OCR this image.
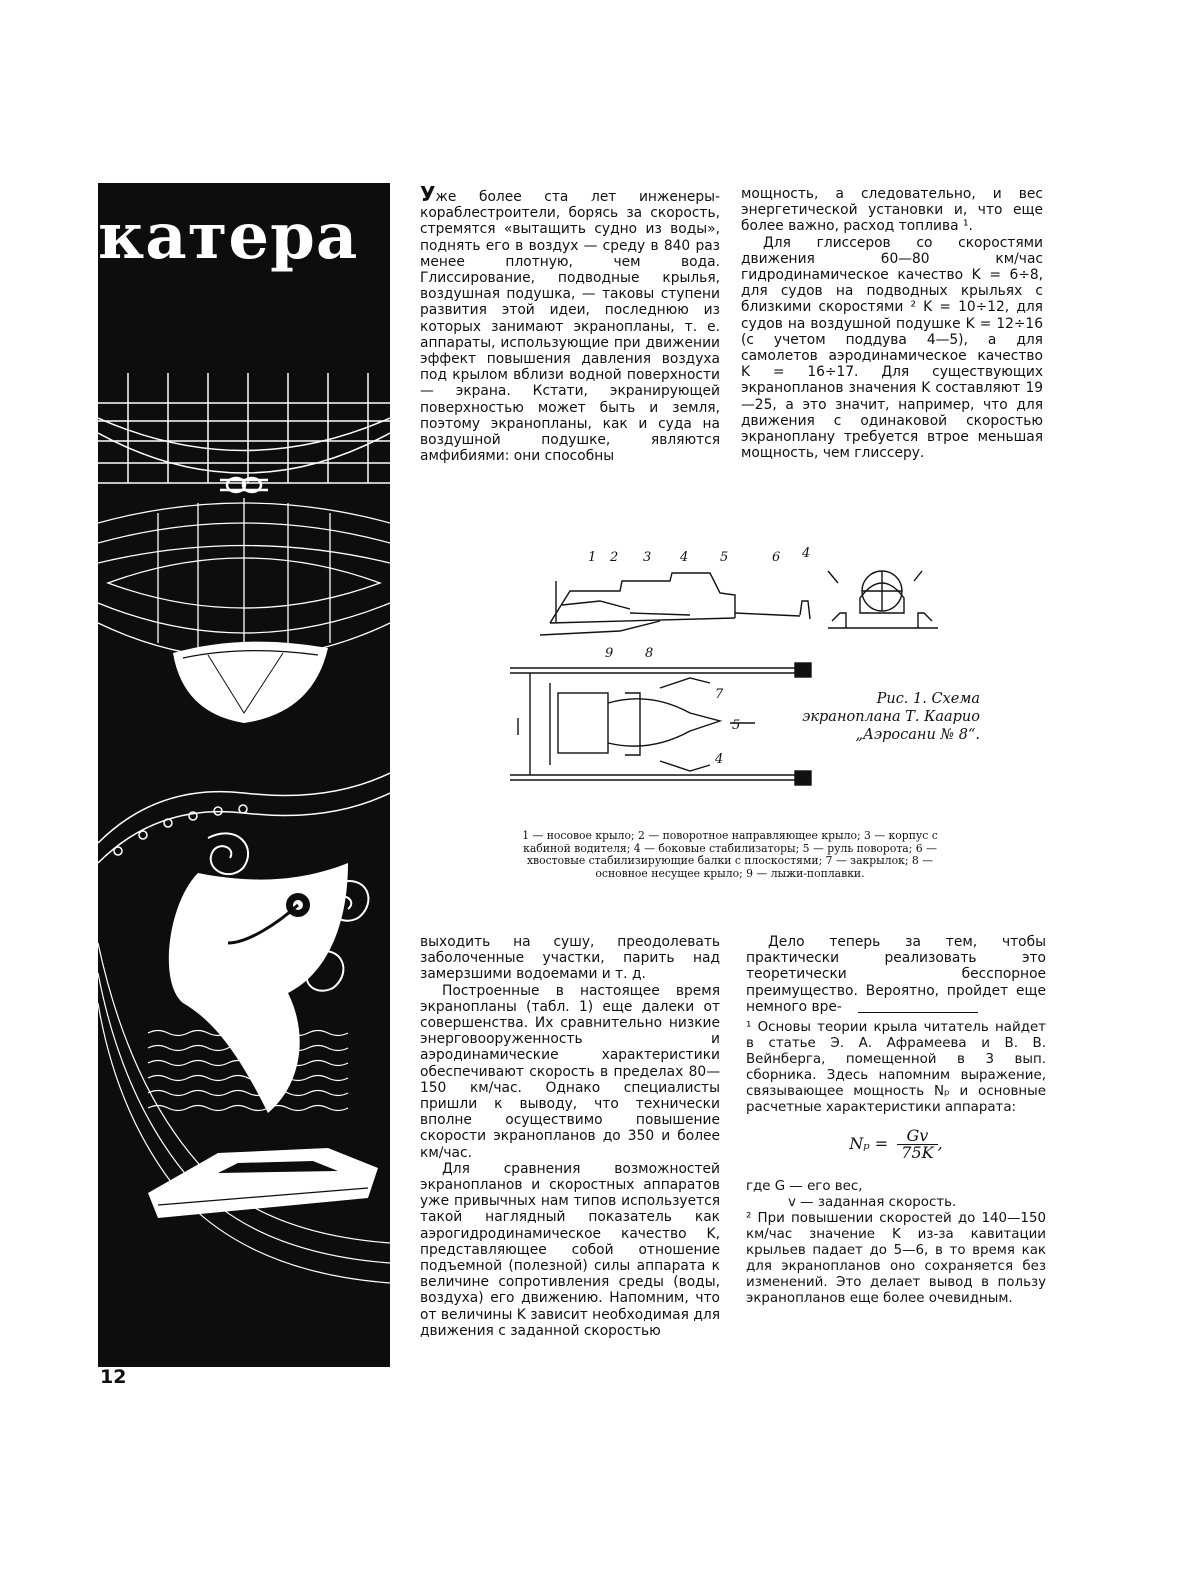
катера

Уже более ста лет инженеры-кораблестроители, борясь за скорость, стремятся «вытащить судно из воды», поднять его в воздух — среду в 840 раз менее плотную, чем вода. Глиссирование, подводные крылья, воздушная подушка, — таковы ступени развития этой идеи, последнюю из которых занимают экранопланы, т. е. аппараты, использующие при движении эффект повышения давления воздуха под крылом вблизи водной поверхности — экрана. Кстати, экранирующей поверхностью может быть и земля, поэтому экранопланы, как и суда на воздушной подушке, являются амфибиями: они способны

мощность, а следовательно, и вес энергетической установки и, что еще более важно, расход топлива ¹.

Для глиссеров со скоростями движения 60—80 км/час гидродинамическое качество K = 6÷8, для судов на подводных крыльях с близкими скоростями ² K = 10÷12, для судов на воздушной подушке K = 12÷16 (с учетом поддува 4—5), а для самолетов аэродинамическое качество K = 16÷17. Для существующих экранопланов значения K составляют 19—25, а это значит, например, что для движения с одинаковой скоростью экраноплану требуется втрое меньшая мощность, чем глиссеру.

1 2 3 4 5	6 4
9 8
7
5
4
Рис. 1. Схема экраноплана Т. Каарио „Аэросани № 8“.
1 — носовое крыло; 2 — поворотное направляющее крыло; 3 — корпус с кабиной водителя; 4 — боковые стабилизаторы; 5 — руль поворота; 6 — хвостовые стабилизирующие балки с плоскостями; 7 — закрылок; 8 — основное несущее крыло; 9 — лыжи-поплавки.

выходить на сушу, преодолевать заболоченные участки, парить над замерзшими водоемами и т. д.

Построенные в настоящее время экранопланы (табл. 1) еще далеки от совершенства. Их сравнительно низкие энерговооруженность и аэродинамические характеристики обеспечивают скорость в пределах 80—150 км/час. Однако специалисты пришли к выводу, что технически вполне осуществимо повышение скорости экранопланов до 350 и более км/час.

Для сравнения возможностей экранопланов и скоростных аппаратов уже привычных нам типов используется такой наглядный показатель как аэрогидродинамическое качество K, представляющее собой отношение подъемной (полезной) силы аппарата к величине сопротивления среды (воды, воздуха) его движению. Напомним, что от величины K зависит необходимая для движения с заданной скоростью

Дело теперь за тем, чтобы практически реализовать это теоретически бесспорное преимущество. Вероятно, пройдет еще немного вре-

¹ Основы теории крыла читатель найдет в статье Э. А. Афрамеева и В. В. Вейнберга, помещенной в 3 вып. сборника. Здесь напомним выражение, связывающее мощность Nₚ и основные расчетные характеристики аппарата:

$N_p = \frac{Gv}{75K}$ ,

где G — его вес,

v — заданная скорость.

² При повышении скоростей до 140—150 км/час значение K из-за кавитации крыльев падает до 5—6, в то время как для экранопланов оно сохраняется без изменений. Это делает вывод в пользу экранопланов еще более очевидным.

12
